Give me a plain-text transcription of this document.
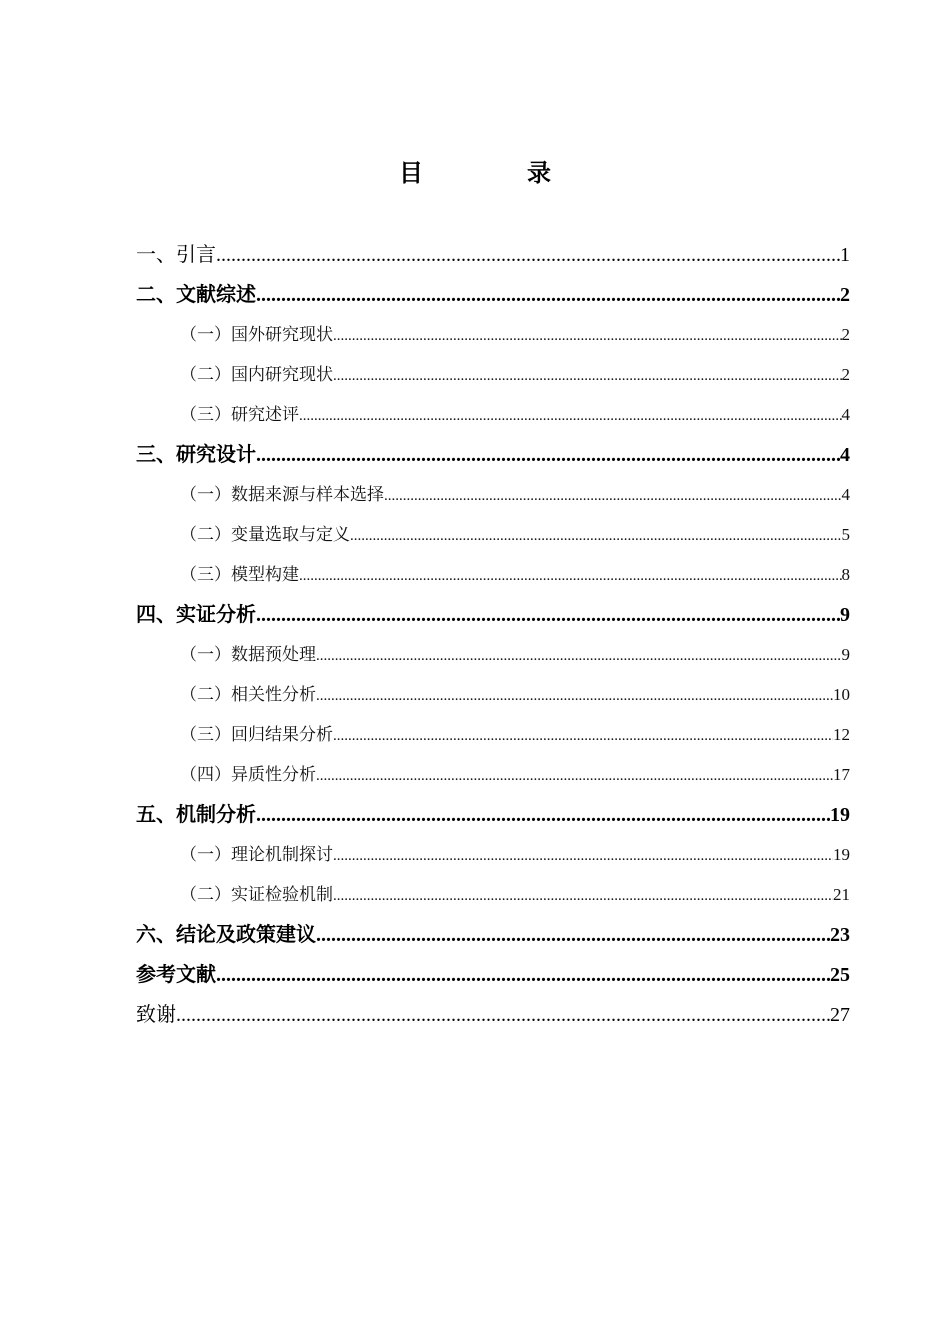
目　录
一、引言 .....	1
二、文献综述 .....	2
（一）国外研究现状 .....	2
（二）国内研究现状 .....	2
（三）研究述评 .....	4
三、研究设计 .....	4
（一）数据来源与样本选择 .....	4
（二）变量选取与定义 .....	5
（三）模型构建 .....	8
四、实证分析 .....	9
（一）数据预处理 .....	9
（二）相关性分析 .....	10
（三）回归结果分析 .....	12
（四）异质性分析 .....	17
五、机制分析 .....	19
（一）理论机制探讨 .....	19
（二）实证检验机制 .....	21
六、结论及政策建议 .....	23
参考文献 .....	25
致谢 .....	27
